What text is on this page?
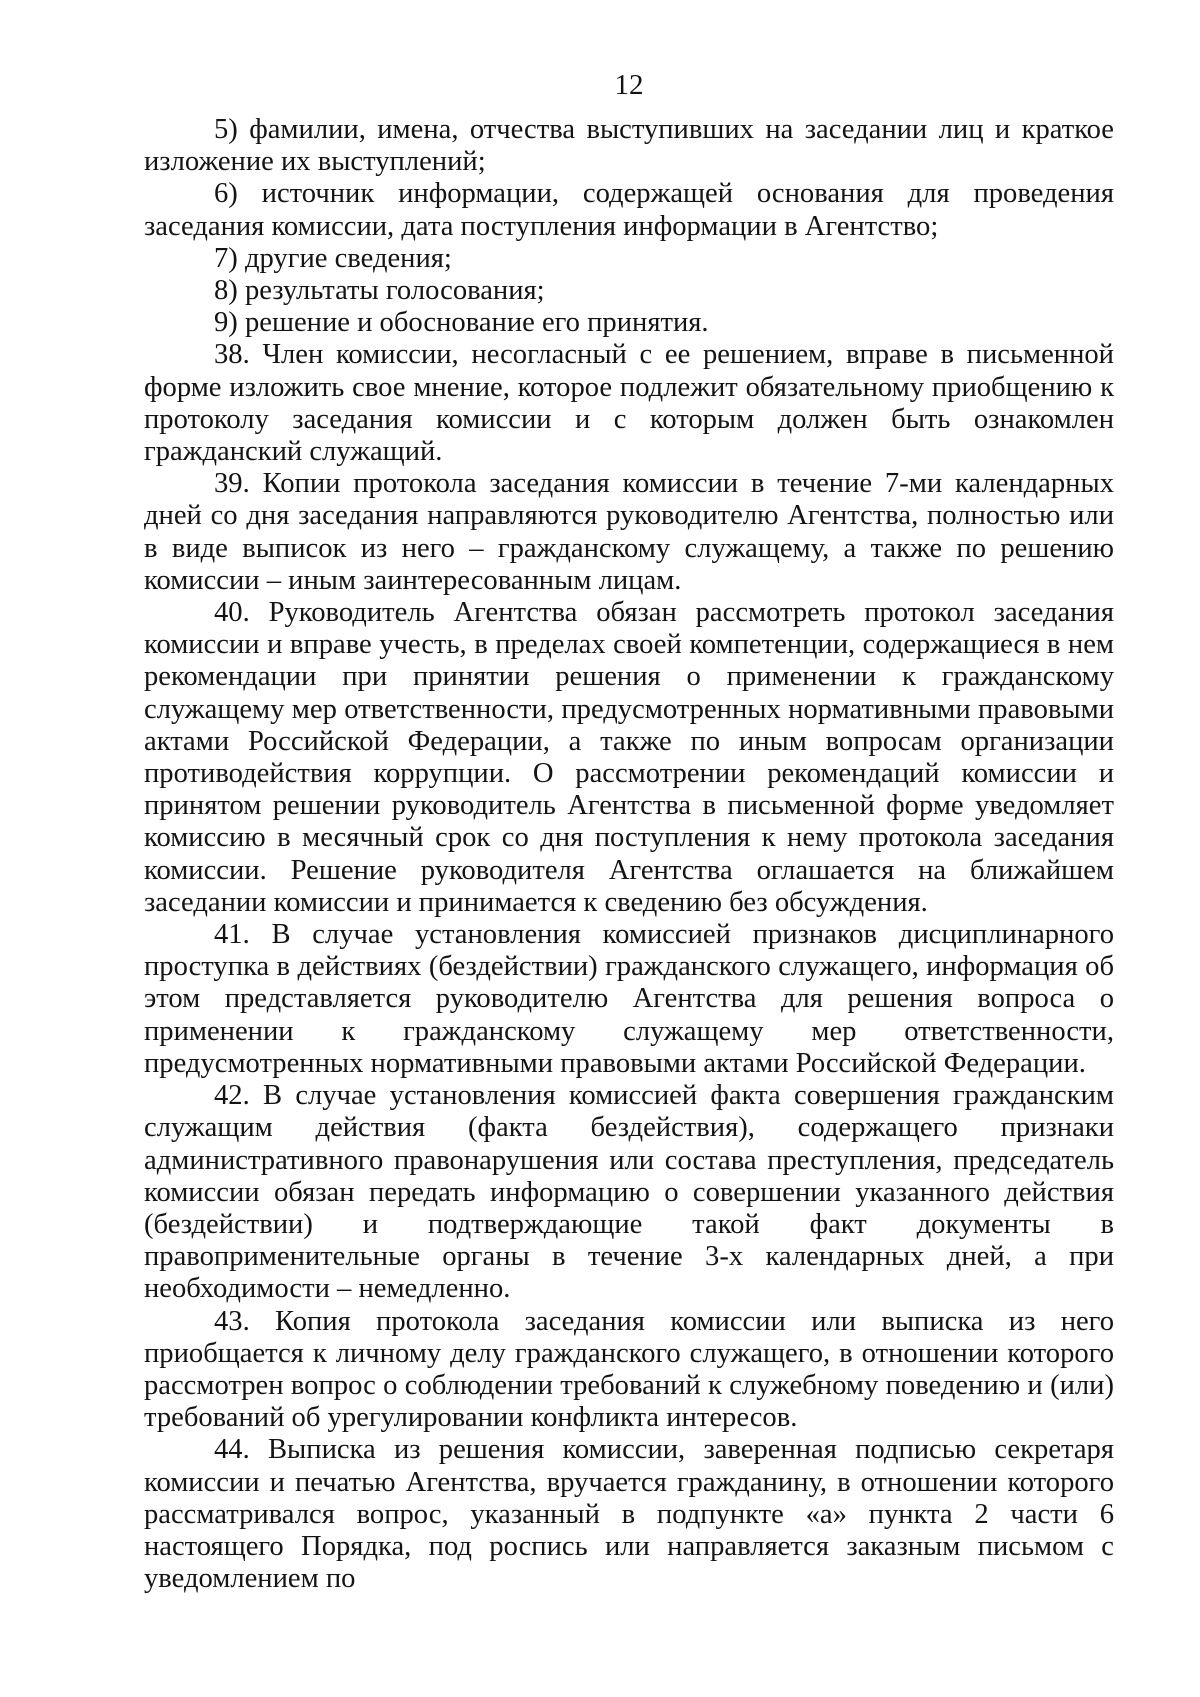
12

5) фамилии, имена, отчества выступивших на заседании лиц и краткое изложение их выступлений;

6) источник информации, содержащей основания для проведения заседания комиссии, дата поступления информации в Агентство;

7) другие сведения;

8) результаты голосования;

9) решение и обоснование его принятия.

38. Член комиссии, несогласный с ее решением, вправе в письменной форме изложить свое мнение, которое подлежит обязательному приобщению к протоколу заседания комиссии и с которым должен быть ознакомлен гражданский служащий.

39. Копии протокола заседания комиссии в течение 7-ми календарных дней со дня заседания направляются руководителю Агентства, полностью или в виде выписок из него – гражданскому служащему, а также по решению комиссии – иным заинтересованным лицам.

40. Руководитель Агентства обязан рассмотреть протокол заседания комиссии и вправе учесть, в пределах своей компетенции, содержащиеся в нем рекомендации при принятии решения о применении к гражданскому служащему мер ответственности, предусмотренных нормативными правовыми актами Российской Федерации, а также по иным вопросам организации противодействия коррупции. О рассмотрении рекомендаций комиссии и принятом решении руководитель Агентства в письменной форме уведомляет комиссию в месячный срок со дня поступления к нему протокола заседания комиссии. Решение руководителя Агентства оглашается на ближайшем заседании комиссии и принимается к сведению без обсуждения.

41. В случае установления комиссией признаков дисциплинарного проступка в действиях (бездействии) гражданского служащего, информация об этом представляется руководителю Агентства для решения вопроса о применении к гражданскому служащему мер ответственности, предусмотренных нормативными правовыми актами Российской Федерации.

42. В случае установления комиссией факта совершения гражданским служащим действия (факта бездействия), содержащего признаки административного правонарушения или состава преступления, председатель комиссии обязан передать информацию о совершении указанного действия (бездействии) и подтверждающие такой факт документы в правоприменительные органы в течение 3-х календарных дней, а при необходимости – немедленно.

43. Копия протокола заседания комиссии или выписка из него приобщается к личному делу гражданского служащего, в отношении которого рассмотрен вопрос о соблюдении требований к служебному поведению и (или) требований об урегулировании конфликта интересов.

44. Выписка из решения комиссии, заверенная подписью секретаря комиссии и печатью Агентства, вручается гражданину, в отношении которого рассматривался вопрос, указанный в подпункте «а» пункта 2 части 6 настоящего Порядка, под роспись или направляется заказным письмом с уведомлением по
